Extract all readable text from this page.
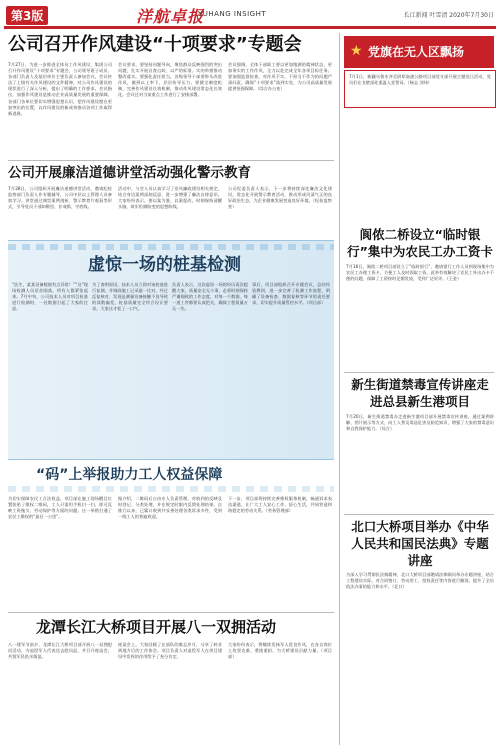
第3版	洋航卓报
YUHANG INSIGHT	长江新闻 叶雪清 2020年7月30日
公司召开作风建设“十项要求”专题会
7月27日，为进一步推进全体员工作风建设，集团公司召开作风建设“十项要求”专题会，公司领导班子成员、各部门负责人及基层单位主要负责人参加会议。会议传达了上级有关作风建设的文件精神，对公司作风建设的现状进行了深入分析，提出了明确的工作要求。会议指出，加强作风建设是推动企业高质量发展的重要保障，各部门各单位要切实增强思想认识，把作风建设摆在更加突出的位置，以作风建设的新成效推动各项工作取得新进展。
会议要求，要坚持问题导向，聚焦群众反映强烈的突出问题，扎实开展自查自纠，以严的标准、实的举措推动整改落实。要强化责任担当，各级领导干部要带头改进作风，做到以上率下，层层传导压力。要健全制度机制，完善作风建设长效机制，推动作风建设常态化长效化。会议还对当前重点工作进行了安排部署。
会议强调，全体干部职工要以更加饱满的精神状态、更加务实的工作作风，全力以赴完成全年各项目标任务。要加强监督检查，对作风不实、不担当不作为的问题严肃问责，确保“十项要求”落到实处，为公司高质量发展提供坚强保障。（综合办公室）
公司开展廉洁道德讲堂活动强化警示教育
7月28日，公司组织开展廉洁道德讲堂活动，邀请纪检监察部门负责人作专题辅导，公司中层以上管理人员参加学习。讲堂通过典型案例剖析、警示教育片观看等形式，引导党员干部知敬畏、存戒惧、守底线。
活动中，与会人员认真学习了党风廉政建设相关规定，结合身边案例深刻反思，进一步增强了廉洁自律意识。大家纷纷表示，要以案为鉴、以案促改，时刻保持清醒头脑，筑牢拒腐防变的思想防线。
公司纪委负责人表示，下一步将持续深化廉洁文化建设，常态化开展警示教育活动，推动形成风清气正的良好政治生态，为企业健康发展营造良好环境。（纪检监察室）
虚惊一场的桩基检测
“医生，某某设备数据有点异常！”“这”现场检测人员话音刚落，所有人都紧张起来。7月中旬，公司技术人员对项目桩基进行检测时，一处数据引起了大家的注意。
为了查明原因，技术人员立即对该桩基进行复测，并调阅施工记录逐一比对。经过反复核对，发现是测量设备接触不良导致的读数偏差，桩基质量完全符合设计要求。大家这才松了一口气。
负责人表示，这次虚惊一场的经历再次提醒大家，质量安全无小事，必须时刻保持严谨细致的工作态度，对每一个数据、每一道工序都要认真把关，确保工程质量万无一失。
事后，项目部组织召开专题会议，总结经验教训，进一步完善了检测工作流程，明确了设备检查、数据复核等环节的责任要求，切实提升质量管控水平。（项目部）
“码”上举报助力工人权益保障
为切实保障农民工合法权益，项目部在施工现场醒目位置张贴了维权二维码，工人只需用手机扫一扫，即可反映工资拖欠、劳动保护等方面的问题。这一举措打通了农民工维权的“最后一公里”。
据介绍，二维码后台由专人负责管理，对收到的反映及时登记、分类处理，并在规定时限内反馈处理结果。自推行以来，已累计收到并妥善处理各类诉求多件，受到一线工人的普遍欢迎。
下一步，项目部将持续完善维权服务机制，畅通诉求表达渠道，让广大工人安心工作、舒心生活，共同营造和谐稳定的劳动关系。（劳务管理部）
龙潭长江大桥项目开展八一双拥活动
八一建军节前夕，龙潭长江大桥项目部开展八一双拥慰问活动，为退役军人代表送去慰问品，并召开座谈会，共叙军民鱼水情谊。
座谈会上，大家回顾了在部队的难忘岁月，分享了转业到地方后的工作体会。项目负责人对退役军人在项目建设中发挥的作用给予了充分肯定。
大家纷纷表示，将继续发扬军人优良作风，在各自岗位上攻坚克难、勇挑重担，为大桥建设贡献力量。（项目部）
★ 党旗在无人区飘扬
7月1日，新疆乌鲁木齐至尉犁高速公路项目部党支部开展主题党日活动，党员们在戈壁深处重温入党誓词。（杨志 刘伟）
阆侬二桥设立“临时银行”集中为农民工办工资卡
7月16日，阆侬二桥项目部设立了“临时银行”，邀请银行工作人员到现场集中为农民工办理工资卡，方便工人及时领取工资。此举有效解决了农民工外出办卡不便的问题，保障了工资按时足额发放，受到广泛好评。（王金）
新生街道禁毒宣传讲座走进总县新生港项目
7月20日，新生街道禁毒办走进新生港项目部开展禁毒宣传讲座，通过案例讲解、图片展示等方式，向工人普及毒品危害及防范知识，增强了大家的禁毒意识和自我保护能力。（综合）
北口大桥项目举办《中华人民共和国民法典》专题讲座
为深入学习贯彻民法典精神，北口大桥项目部邀请法律顾问举办专题讲座，结合工程建设实际，对合同签订、劳动用工、侵权责任等内容进行解读，提升了全员依法办事的能力和水平。（北口）
